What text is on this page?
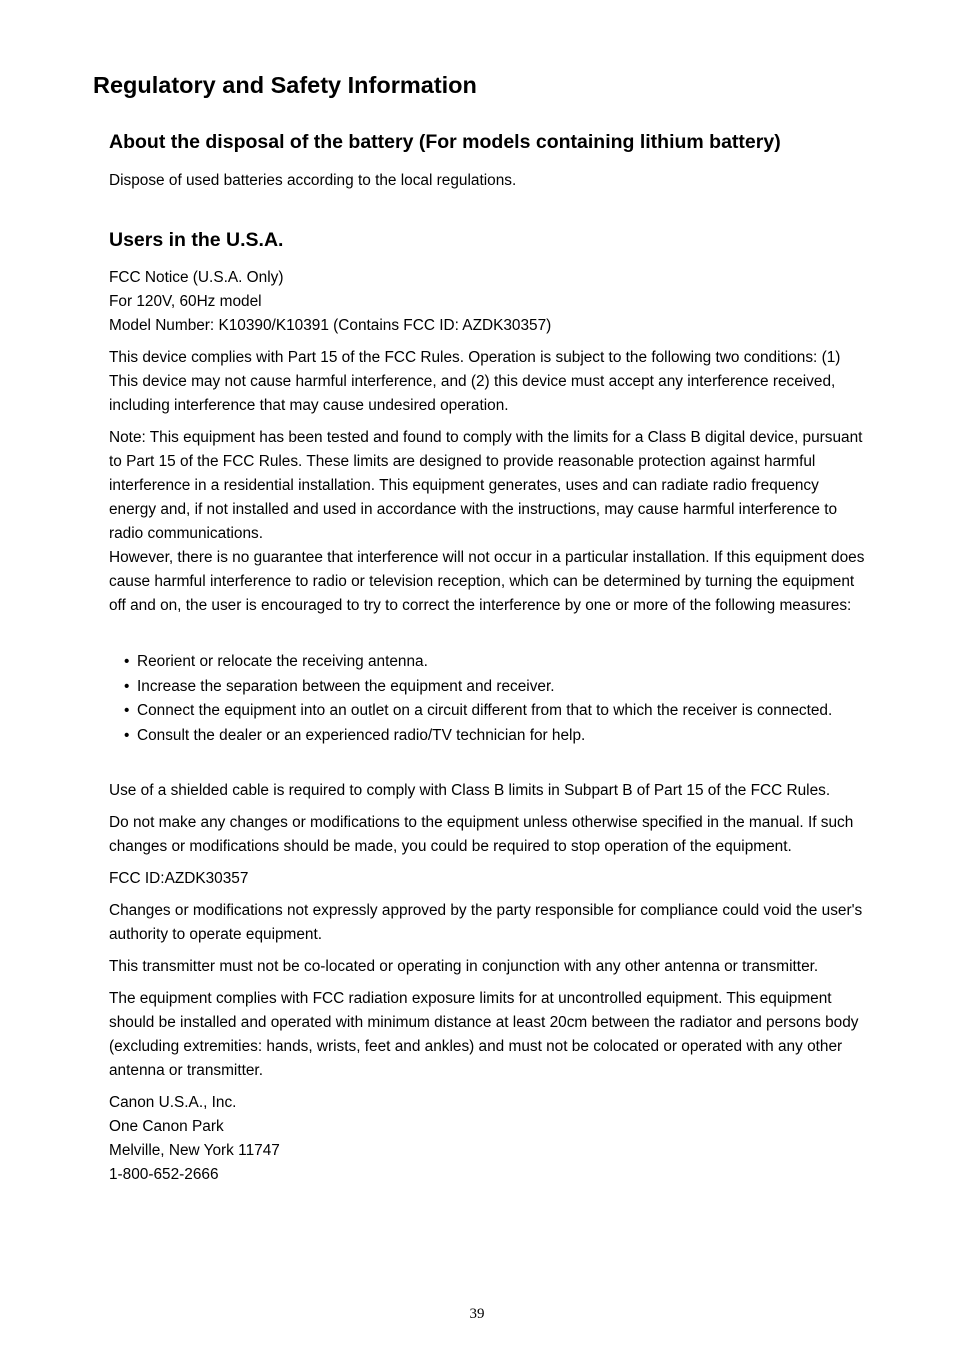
Regulatory and Safety Information
About the disposal of the battery (For models containing lithium battery)

Dispose of used batteries according to the local regulations.

Users in the U.S.A.

FCC Notice (U.S.A. Only)
For 120V, 60Hz model
Model Number: K10390/K10391 (Contains FCC ID: AZDK30357)

This device complies with Part 15 of the FCC Rules. Operation is subject to the following two conditions: (1) This device may not cause harmful interference, and (2) this device must accept any interference received, including interference that may cause undesired operation.

Note: This equipment has been tested and found to comply with the limits for a Class B digital device, pursuant to Part 15 of the FCC Rules. These limits are designed to provide reasonable protection against harmful interference in a residential installation. This equipment generates, uses and can radiate radio frequency energy and, if not installed and used in accordance with the instructions, may cause harmful interference to radio communications.
However, there is no guarantee that interference will not occur in a particular installation. If this equipment does cause harmful interference to radio or television reception, which can be determined by turning the equipment off and on, the user is encouraged to try to correct the interference by one or more of the following measures:

• Reorient or relocate the receiving antenna.
• Increase the separation between the equipment and receiver.
• Connect the equipment into an outlet on a circuit different from that to which the receiver is connected.
• Consult the dealer or an experienced radio/TV technician for help.

Use of a shielded cable is required to comply with Class B limits in Subpart B of Part 15 of the FCC Rules.

Do not make any changes or modifications to the equipment unless otherwise specified in the manual. If such changes or modifications should be made, you could be required to stop operation of the equipment.

FCC ID:AZDK30357

Changes or modifications not expressly approved by the party responsible for compliance could void the user's authority to operate equipment.

This transmitter must not be co-located or operating in conjunction with any other antenna or transmitter.

The equipment complies with FCC radiation exposure limits for at uncontrolled equipment. This equipment should be installed and operated with minimum distance at least 20cm between the radiator and persons body (excluding extremities: hands, wrists, feet and ankles) and must not be colocated or operated with any other antenna or transmitter.

Canon U.S.A., Inc.
One Canon Park
Melville, New York 11747
1-800-652-2666

39
